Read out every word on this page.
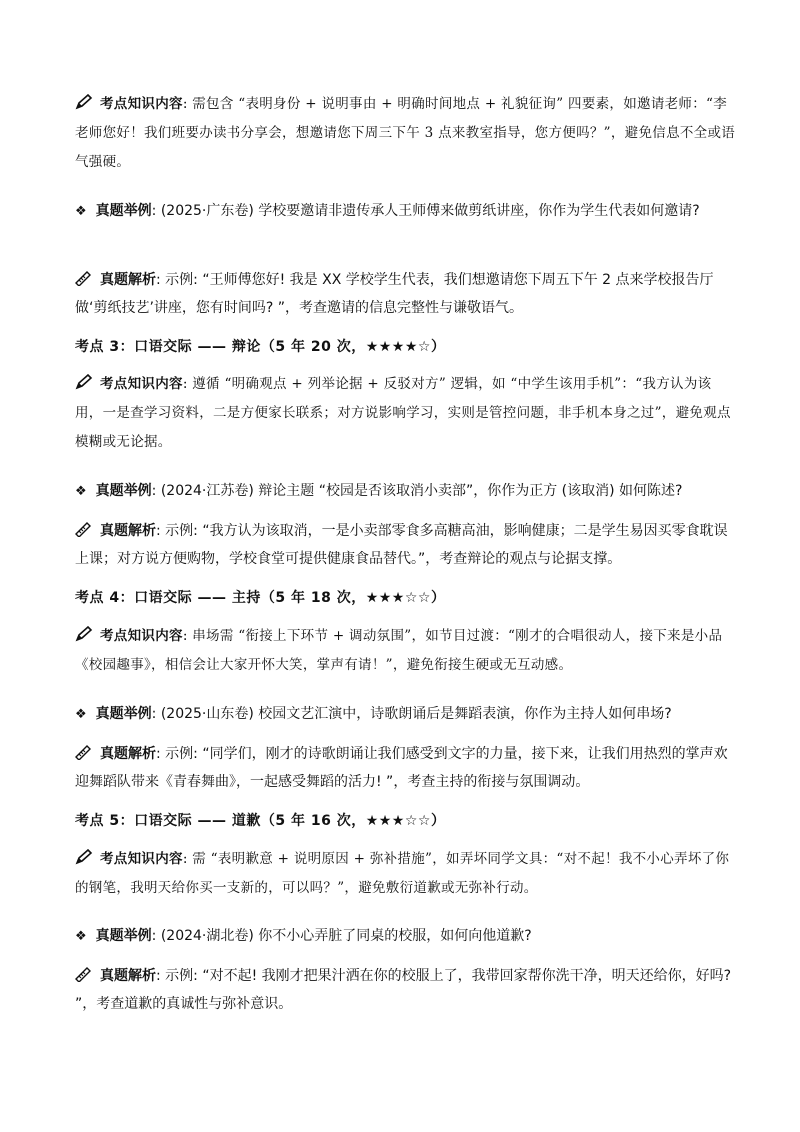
考点知识内容: 需包含 “表明身份 + 说明事由 + 明确时间地点 + 礼貌征询” 四要素，如邀请老师：“李老师您好！我们班要办读书分享会，想邀请您下周三下午 3 点来教室指导，您方便吗？”，避免信息不全或语气强硬。

❖ 真题举例: (2025·广东卷) 学校要邀请非遗传承人王师傅来做剪纸讲座，你作为学生代表如何邀请?

真题解析: 示例: “王师傅您好! 我是 XX 学校学生代表，我们想邀请您下周五下午 2 点来学校报告厅做‘剪纸技艺’讲座，您有时间吗? ”，考查邀请的信息完整性与谦敬语气。

考点 3：口语交际 —— 辩论（5 年 20 次，★★★★☆）

考点知识内容: 遵循 “明确观点 + 列举论据 + 反驳对方” 逻辑，如 “中学生该用手机”：“我方认为该用，一是查学习资料，二是方便家长联系；对方说影响学习，实则是管控问题，非手机本身之过”，避免观点模糊或无论据。

❖ 真题举例: (2024·江苏卷) 辩论主题 “校园是否该取消小卖部”，你作为正方 (该取消) 如何陈述?

真题解析: 示例: “我方认为该取消，一是小卖部零食多高糖高油，影响健康；二是学生易因买零食耽误上课；对方说方便购物，学校食堂可提供健康食品替代。”，考查辩论的观点与论据支撑。

考点 4：口语交际 —— 主持（5 年 18 次，★★★☆☆）

考点知识内容: 串场需 “衔接上下环节 + 调动氛围”，如节目过渡：“刚才的合唱很动人，接下来是小品《校园趣事》，相信会让大家开怀大笑，掌声有请！”，避免衔接生硬或无互动感。

❖ 真题举例: (2025·山东卷) 校园文艺汇演中，诗歌朗诵后是舞蹈表演，你作为主持人如何串场?

真题解析: 示例: “同学们，刚才的诗歌朗诵让我们感受到文字的力量，接下来，让我们用热烈的掌声欢迎舞蹈队带来《青春舞曲》，一起感受舞蹈的活力! ”，考查主持的衔接与氛围调动。

考点 5：口语交际 —— 道歉（5 年 16 次，★★★☆☆）

考点知识内容: 需 “表明歉意 + 说明原因 + 弥补措施”，如弄坏同学文具：“对不起！我不小心弄坏了你的钢笔，我明天给你买一支新的，可以吗？”，避免敷衍道歉或无弥补行动。

❖ 真题举例: (2024·湖北卷) 你不小心弄脏了同桌的校服，如何向他道歉?

真题解析: 示例: “对不起! 我刚才把果汁洒在你的校服上了，我带回家帮你洗干净，明天还给你，好吗? ”，考查道歉的真诚性与弥补意识。
